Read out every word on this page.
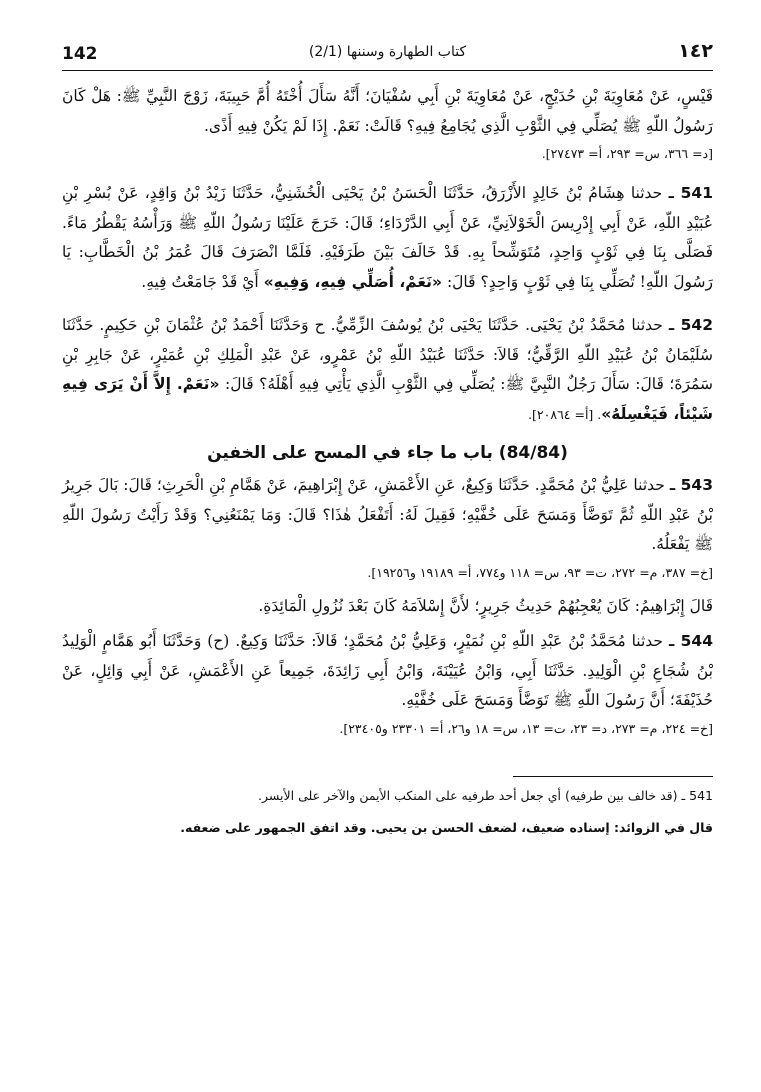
142	(2/1) كتاب الطهارة وسننها	١٤٢

قَيْسٍ، عَنْ مُعَاوِيَةَ بْنِ حُدَيْجٍ، عَنْ مُعَاوِيَةَ بْنِ أَبِي سُفْيَانَ؛ أَنَّهُ سَأَلَ أُخْتَهُ أُمَّ حَبِيبَةَ، زَوْجَ النَّبِيِّ ﷺ: هَلْ كَانَ رَسُولُ اللّهِ ﷺ يُصَلِّي فِي الثَّوْبِ الَّذِي يُجَامِعُ فِيهِ؟ قَالَتْ: نَعَمْ. إِذَا لَمْ يَكُنْ فِيهِ أَذًى.

[د= ٣٦٦، س= ٢٩٣، أ= ٢٧٤٧٣].

541 ـ حدثنا هِشَامُ بْنُ خَالِدٍ الأَزْرَقُ، حَدَّثَنَا الْحَسَنُ بْنُ يَحْيَى الْخُشَنِيُّ، حَدَّثَنَا زَيْدُ بْنُ وَاقِدٍ، عَنْ بُسْرِ بْنِ عُبَيْدِ اللّهِ، عَنْ أَبِي إِدْرِيسَ الْخَوْلاَنِيِّ، عَنْ أَبِي الدَّرْدَاءِ؛ قَالَ: خَرَجَ عَلَيْنَا رَسُولُ اللّهِ ﷺ وَرَأْسُهُ يَقْطُرُ مَاءً. فَصَلَّى بِنَا فِي ثَوْبٍ وَاحِدٍ، مُتَوَشِّحاً بِهِ. قَدْ خَالَفَ بَيْنَ طَرَفَيْهِ. فَلَمَّا انْصَرَفَ قَالَ عُمَرُ بْنُ الْخَطَّابِ: يَا رَسُولَ اللّهِ! تُصَلِّي بِنَا فِي ثَوْبٍ وَاحِدٍ؟ قَالَ: «نَعَمْ، أُصَلِّي فِيهِ، وَفِيهِ» أَيْ قَدْ جَامَعْتُ فِيهِ.

542 ـ حدثنا مُحَمَّدُ بْنُ يَحْيَى. حَدَّثَنَا يَحْيَى بْنُ يُوسُفَ الزِّمِّيُّ. ح وَحَدَّثَنَا أَحْمَدُ بْنُ عُثْمَانَ بْنِ حَكِيمٍ. حَدَّثَنَا سُلَيْمَانُ بْنُ عُبَيْدِ اللّهِ الرَّقِّيُّ؛ قَالاَ: حَدَّثَنَا عُبَيْدُ اللّهِ بْنُ عَمْرٍو، عَنْ عَبْدِ الْمَلِكِ بْنِ عُمَيْرٍ، عَنْ جَابِرِ بْنِ سَمُرَةَ؛ قَالَ: سَأَلَ رَجُلٌ النَّبِيَّ ﷺ: يُصَلِّي فِي الثَّوْبِ الَّذِي يَأْتِي فِيهِ أَهْلَهُ؟ قَالَ: «نَعَمْ. إِلاَّ أَنْ يَرَى فِيهِ شَيْئاً، فَيَغْسِلَهُ». [أ= ٢٠٨٦٤].

(84/84) باب ما جاء في المسح على الخفين

543 ـ حدثنا عَلِيُّ بْنُ مُحَمَّدٍ. حَدَّثَنَا وَكِيعٌ، عَنِ الأَعْمَشِ، عَنْ إِبْرَاهِيمَ، عَنْ هَمَّامِ بْنِ الْحَرِثِ؛ قَالَ: بَالَ جَرِيرُ بْنُ عَبْدِ اللّهِ ثُمَّ تَوَضَّأَ وَمَسَحَ عَلَى خُفَّيْهِ؛ فَقِيلَ لَهُ: أَتَفْعَلُ هٰذَا؟ قَالَ: وَمَا يَمْنَعُنِي؟ وَقَدْ رَأَيْتُ رَسُولَ اللّهِ ﷺ يَفْعَلُهُ.

[خ= ٣٨٧، م= ٢٧٢، ت= ٩٣، س= ١١٨ و٧٧٤، أ= ١٩١٨٩ و١٩٢٥٦].

قَالَ إِبْرَاهِيمُ: كَانَ يُعْجِبُهُمْ حَدِيثُ جَرِيرٍ؛ لأَنَّ إِسْلاَمَهُ كَانَ بَعْدَ نُزُولِ الْمَائِدَةِ.

544 ـ حدثنا مُحَمَّدُ بْنُ عَبْدِ اللّهِ بْنِ نُمَيْرٍ، وَعَلِيُّ بْنُ مُحَمَّدٍ؛ قَالاَ: حَدَّثَنَا وَكِيعٌ. (ح) وَحَدَّثَنَا أَبُو هَمَّامٍ الْوَلِيدُ بْنُ شُجَاعِ بْنِ الْوَلِيدِ. حَدَّثَنَا أَبِي، وَابْنُ عُيَيْنَةَ، وَابْنُ أَبِي زَائِدَةَ، جَمِيعاً عَنِ الأَعْمَشِ، عَنْ أَبِي وَائِلٍ، عَنْ حُذَيْفَةَ؛ أَنَّ رَسُولَ اللّهِ ﷺ تَوَضَّأَ وَمَسَحَ عَلَى خُفَّيْهِ.

[خ= ٢٢٤، م= ٢٧٣، د= ٢٣، ت= ١٣، س= ١٨ و٢٦، أ= ٢٣٣٠١ و٢٣٤٠٥].

541 ـ (قد خالف بين طرفيه) أي جعل أحد طرفيه على المنكب الأيمن والآخر على الأيسر.

قال في الزوائد: إسناده ضعيف، لضعف الحسن بن يحيى. وقد اتفق الجمهور على ضعفه.
